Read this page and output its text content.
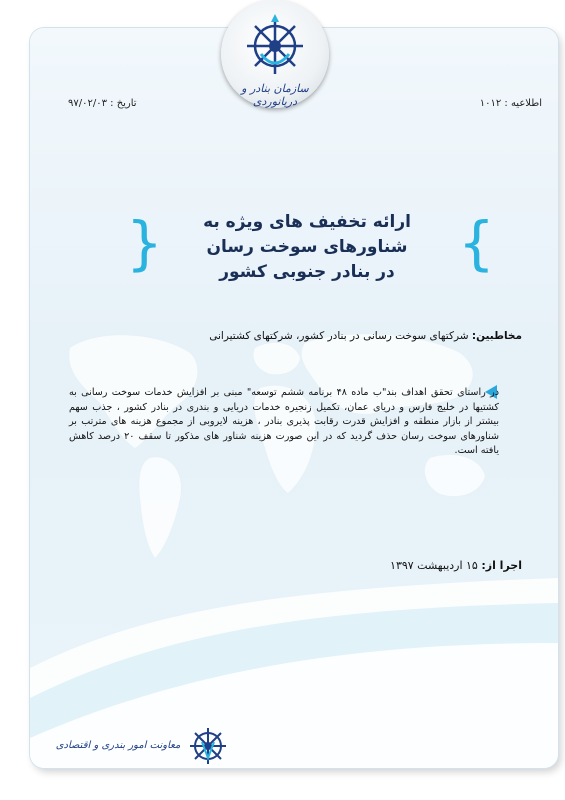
تاریخ : ۹۷/۰۲/۰۳	اطلاعیه : ۱۰۱۲
{
}	ارائه تخفیف های ویژه به
شناورهای سوخت رسان
در بنادر جنوبی کشور
مخاطبین: شرکتهای سوخت رسانی در بنادر کشور، شرکتهای کشتیرانی
در راستای تحقق اهداف بند"ب ماده ۴۸ برنامه ششم توسعه" مبنی بر افزایش خدمات سوخت رسانی به کشتیها در خلیج فارس و دریای عمان، تکمیل زنجیره خدمات دریایی و بندری در بنادر کشور ، جذب سهم بیشتر از بازار منطقه و افزایش قدرت رقابت پذیری بنادر ، هزینه لایروبی از مجموع هزینه های مترتب بر شناورهای سوخت رسان حذف گردید که در این صورت هزینه شناور های مذکور تا سقف ۲۰ درصد کاهش یافته است.
اجرا از: ۱۵ اردیبهشت ۱۳۹۷
معاونت امور بندری و اقتصادی
سازمان بنادر و دریانوردی
